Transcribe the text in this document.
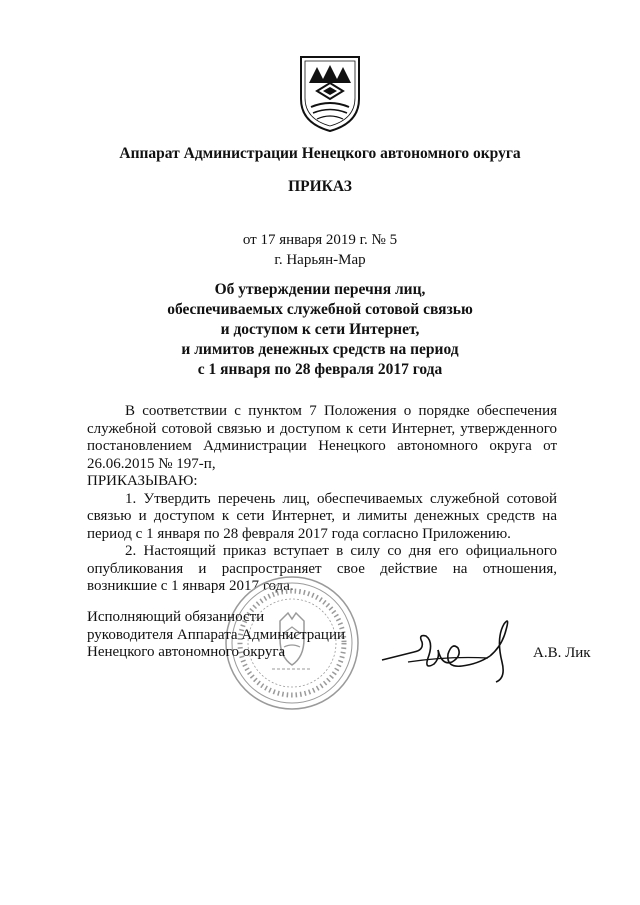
Аппарат Администрации Ненецкого автономного округа
ПРИКАЗ
от 17 января 2019 г. № 5
г. Нарьян-Мар
Об утверждении перечня лиц,
обеспечиваемых служебной сотовой связью
и доступом к сети Интернет,
и лимитов денежных средств на период
с 1 января по 28 февраля 2017 года

В соответствии с пунктом 7 Положения о порядке обеспечения служебной сотовой связью и доступом к сети Интернет, утвержденного постановлением Администрации Ненецкого автономного округа от 26.06.2015 № 197-п,

ПРИКАЗЫВАЮ:

1. Утвердить перечень лиц, обеспечиваемых служебной сотовой связью и доступом к сети Интернет, и лимиты денежных средств на период с 1 января по 28 февраля 2017 года согласно Приложению.

2. Настоящий приказ вступает в силу со дня его официального опубликования и распространяет свое действие на отношения, возникшие с 1 января 2017 года.

Исполняющий обязанности
руководителя Аппарата Администрации
Ненецкого автономного округа	А.В. Лик
